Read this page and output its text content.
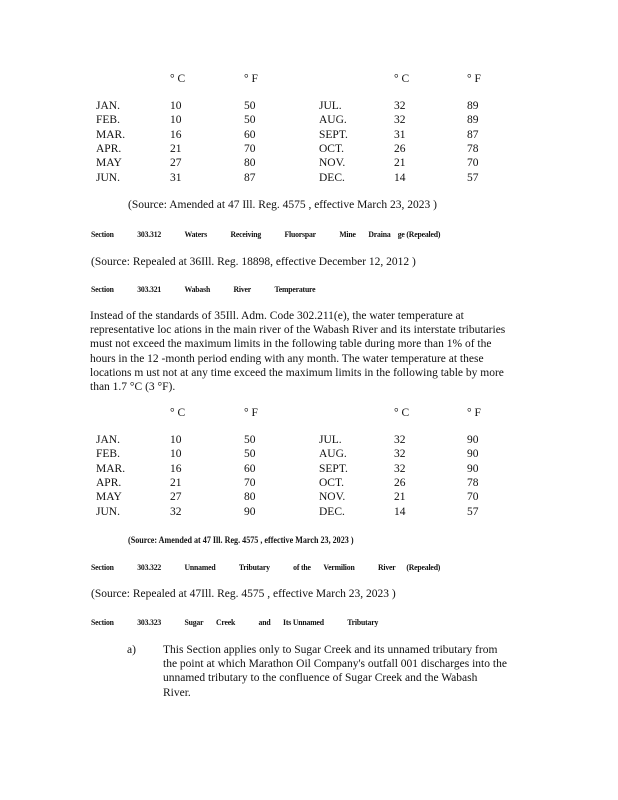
° C	° F	° C	° F
JAN.	10	50	JUL.	32	89
FEB.	10	50	AUG.	32	89
MAR.	16	60	SEPT.	31	87
APR.	21	70	OCT.	26	78
MAY	27	80	NOV.	21	70
JUN.	31	87	DEC.	14	57
(Source: Amended at 47 Ill. Reg. 4575 , effective March 23, 2023 )
Section	303.312	Waters	Receiving	Fluorspar	Mine Draina ge (Repealed)
(Source: Repealed at 36Ill. Reg. 18898, effective December 12, 2012 )
Section	303.321	Wabash	River	Temperature

Instead of the standards of 35Ill. Adm. Code 302.211(e), the water temperature at

representative loc ations in the main river of the Wabash River and its interstate tributaries

must not exceed the maximum limits in the following table during more than 1% of the

hours in the 12 -month period ending with any month. The water temperature at these

locations m ust not at any time exceed the maximum limits in the following table by more

than 1.7 °C (3 °F).

° C	° F	° C	° F
JAN.	10	50	JUL.	32	90
FEB.	10	50	AUG.	32	90
MAR.	16	60	SEPT.	32	90
APR.	21	70	OCT.	26	78
MAY	27	80	NOV.	21	70
JUN.	32	90	DEC.	14	57
(Source: Amended at 47 Ill. Reg. 4575 , effective March 23, 2023 )
Section	303.322	Unnamed	Tributary	of the Vermilion	River (Repealed)
(Source: Repealed at 47Ill. Reg. 4575 , effective March 23, 2023 )
Section	303.323	Sugar Creek	and Its Unnamed	Tributary
a) This Section applies only to Sugar Creek and its unnamed tributary from

the point at which Marathon Oil Company's outfall 001 discharges into the

unnamed tributary to the confluence of Sugar Creek and the Wabash

River.
